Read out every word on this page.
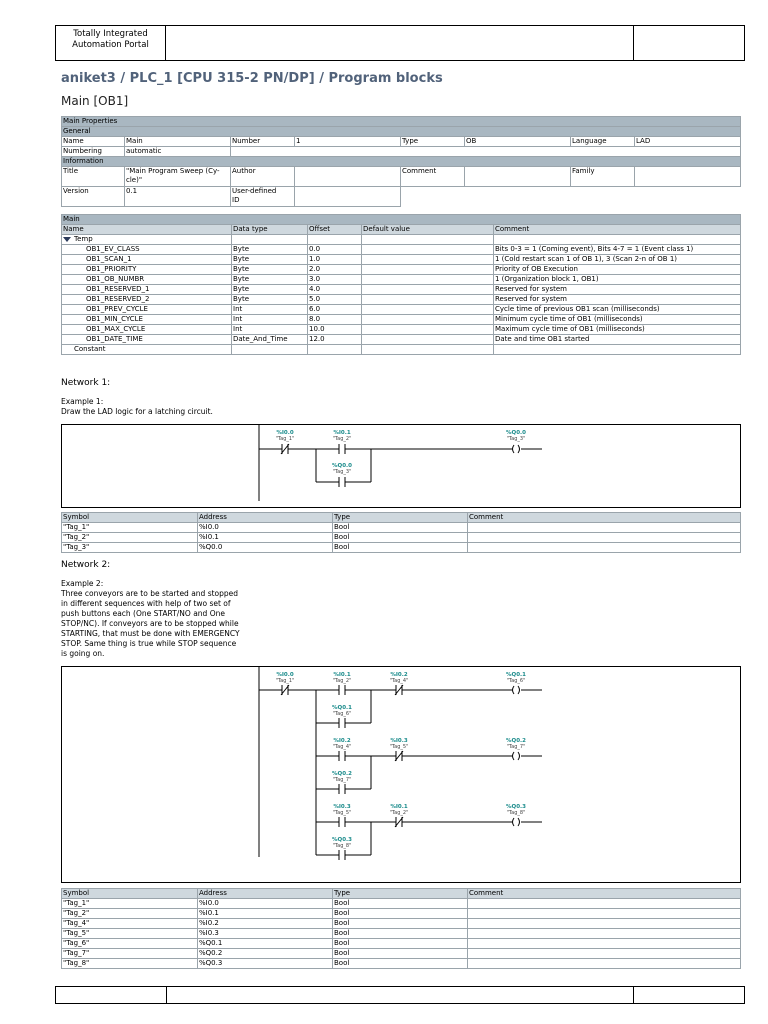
Totally Integrated
Automation Portal
aniket3 / PLC_1 [CPU 315-2 PN/DP] / Program blocks
Main [OB1]
Main Properties							
General							
Name	Main	Number	1	Type	OB	Language	LAD
Numbering	automatic						
Information							
Title	"Main Program Sweep (Cy-
cle)"	Author		Comment		Family	
Version	0.1	User-defined
ID					

Main				
Name	Data type	Offset	Default value	Comment
Temp				
OB1_EV_CLASS	Byte	0.0		Bits 0-3 = 1 (Coming event), Bits 4-7 = 1 (Event class 1)
OB1_SCAN_1	Byte	1.0		1 (Cold restart scan 1 of OB 1), 3 (Scan 2-n of OB 1)
OB1_PRIORITY	Byte	2.0		Priority of OB Execution
OB1_OB_NUMBR	Byte	3.0		1 (Organization block 1, OB1)
OB1_RESERVED_1	Byte	4.0		Reserved for system
OB1_RESERVED_2	Byte	5.0		Reserved for system
OB1_PREV_CYCLE	Int	6.0		Cycle time of previous OB1 scan (milliseconds)
OB1_MIN_CYCLE	Int	8.0		Minimum cycle time of OB1 (milliseconds)
OB1_MAX_CYCLE	Int	10.0		Maximum cycle time of OB1 (milliseconds)
OB1_DATE_TIME	Date_And_Time	12.0		Date and time OB1 started
Constant				
Network 1:
Example 1:
Draw the LAD logic for a latching circuit.
%I0.0
"Tag_1"
%I0.1
"Tag_2"
%Q0.0
"Tag_3"
%Q0.0
"Tag_3"
Symbol	Address	Type	Comment
"Tag_1"	%I0.0	Bool	
"Tag_2"	%I0.1	Bool	
"Tag_3"	%Q0.0	Bool	
Network 2:
Example 2:
Three conveyors are to be started and stopped
in different sequences with help of two set of
push buttons each (One START/NO and One
STOP/NC). If conveyors are to be stopped while
STARTING, that must be done with EMERGENCY
STOP. Same thing is true while STOP sequence
is going on.
%I0.0
"Tag_1"
%I0.1
"Tag_2"
%I0.2
"Tag_4"
%Q0.1
"Tag_6"
%Q0.1
"Tag_6"
%I0.2
"Tag_4"
%I0.3
"Tag_5"
%Q0.2
"Tag_7"
%Q0.2
"Tag_7"
%I0.3
"Tag_5"
%I0.1
"Tag_2"
%Q0.3
"Tag_8"
%Q0.3
"Tag_8"
Symbol	Address	Type	Comment
"Tag_1"	%I0.0	Bool	
"Tag_2"	%I0.1	Bool	
"Tag_4"	%I0.2	Bool	
"Tag_5"	%I0.3	Bool	
"Tag_6"	%Q0.1	Bool	
"Tag_7"	%Q0.2	Bool	
"Tag_8"	%Q0.3	Bool	
